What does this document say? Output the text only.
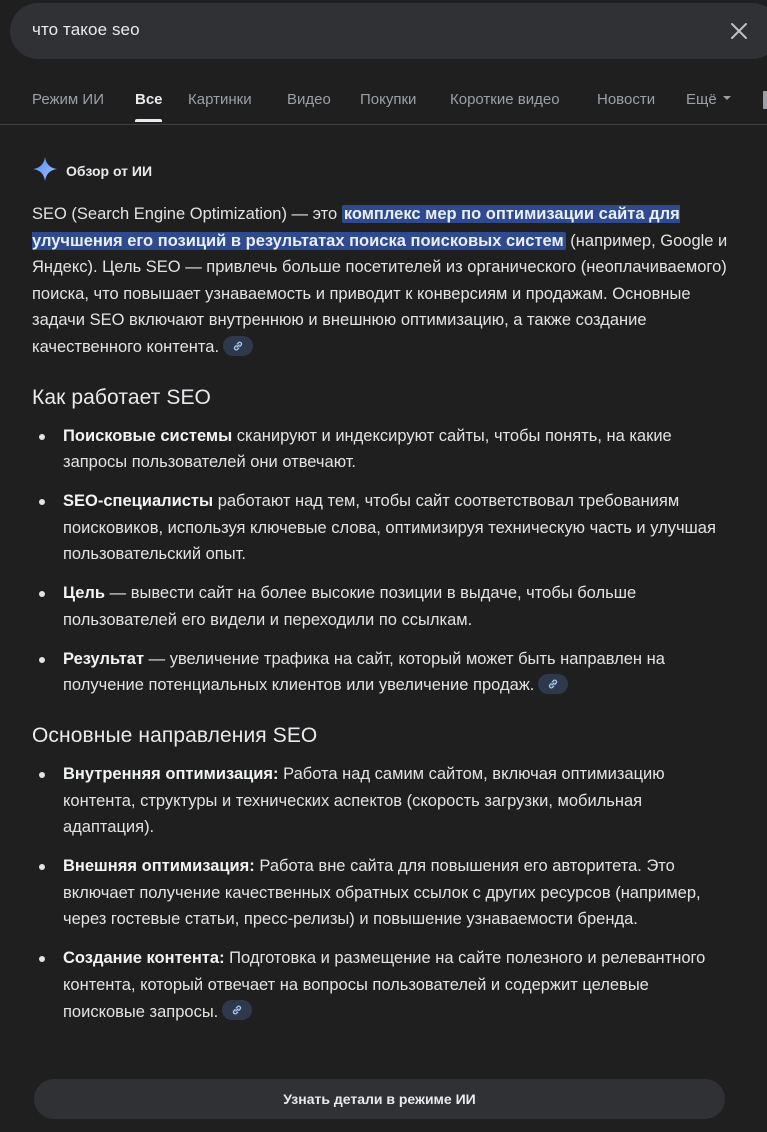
что такое seo
Режим ИИ Все Картинки Видео Покупки Короткие видео Новости Ещё
Обзор от ИИ

SEO (Search Engine Optimization) — это комплекс мер по оптимизации сайта для улучшения его позиций в результатах поиска поисковых систем (например, Google и Яндекс). Цель SEO — привлечь больше посетителей из органического (неоплачиваемого) поиска, что повышает узнаваемость и приводит к конверсиям и продажам. Основные задачи SEO включают внутреннюю и внешнюю оптимизацию, а также создание качественного контента.

Как работает SEO
Поисковые системы сканируют и индексируют сайты, чтобы понять, на какие запросы пользователей они отвечают.
SEO-специалисты работают над тем, чтобы сайт соответствовал требованиям поисковиков, используя ключевые слова, оптимизируя техническую часть и улучшая пользовательский опыт.
Цель — вывести сайт на более высокие позиции в выдаче, чтобы больше пользователей его видели и переходили по ссылкам.
Результат — увеличение трафика на сайт, который может быть направлен на получение потенциальных клиентов или увеличение продаж.
Основные направления SEO
Внутренняя оптимизация: Работа над самим сайтом, включая оптимизацию контента, структуры и технических аспектов (скорость загрузки, мобильная адаптация).
Внешняя оптимизация: Работа вне сайта для повышения его авторитета. Это включает получение качественных обратных ссылок с других ресурсов (например, через гостевые статьи, пресс-релизы) и повышение узнаваемости бренда.
Создание контента: Подготовка и размещение на сайте полезного и релевантного контента, который отвечает на вопросы пользователей и содержит целевые поисковые запросы.
Узнать детали в режиме ИИ
